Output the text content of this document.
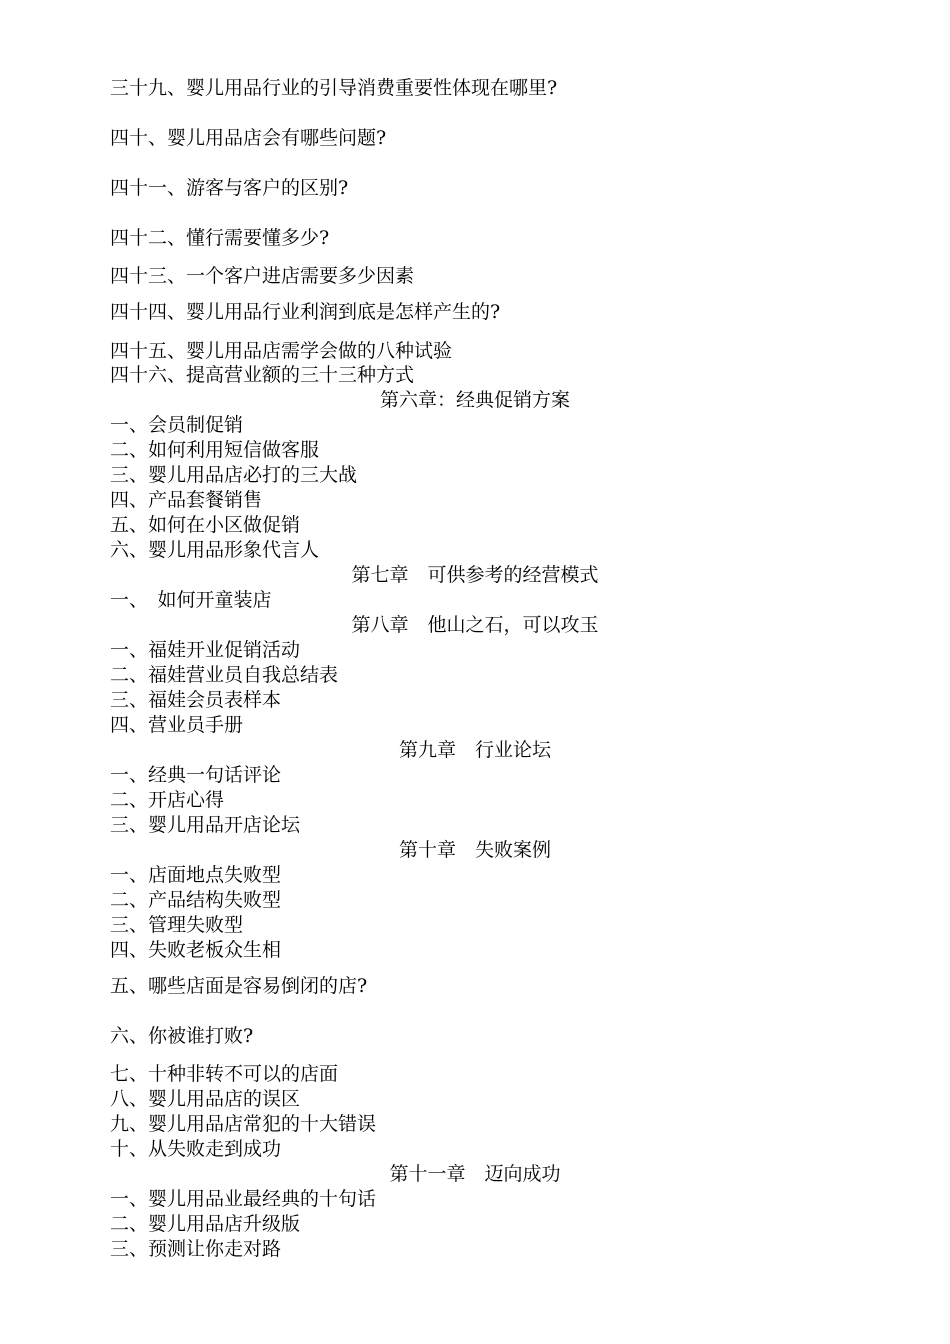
三十九、婴儿用品行业的引导消费重要性体现在哪里?

四十、婴儿用品店会有哪些问题?

四十一、游客与客户的区别?

四十二、懂行需要懂多少?

四十三、一个客户进店需要多少因素

四十四、婴儿用品行业利润到底是怎样产生的?

四十五、婴儿用品店需学会做的八种试验

四十六、提高营业额的三十三种方式

第六章：经典促销方案

一、会员制促销

二、如何利用短信做客服

三、婴儿用品店必打的三大战

四、产品套餐销售

五、如何在小区做促销

六、婴儿用品形象代言人

第七章　可供参考的经营模式

一、　如何开童装店

第八章　他山之石，可以攻玉

一、福娃开业促销活动

二、福娃营业员自我总结表

三、福娃会员表样本

四、营业员手册

第九章　行业论坛

一、经典一句话评论

二、开店心得

三、婴儿用品开店论坛

第十章　失败案例

一、店面地点失败型

二、产品结构失败型

三、管理失败型

四、失败老板众生相

五、哪些店面是容易倒闭的店?

六、你被谁打败?

七、十种非转不可以的店面

八、婴儿用品店的误区

九、婴儿用品店常犯的十大错误

十、从失败走到成功

第十一章　迈向成功

一、婴儿用品业最经典的十句话

二、婴儿用品店升级版

三、预测让你走对路
